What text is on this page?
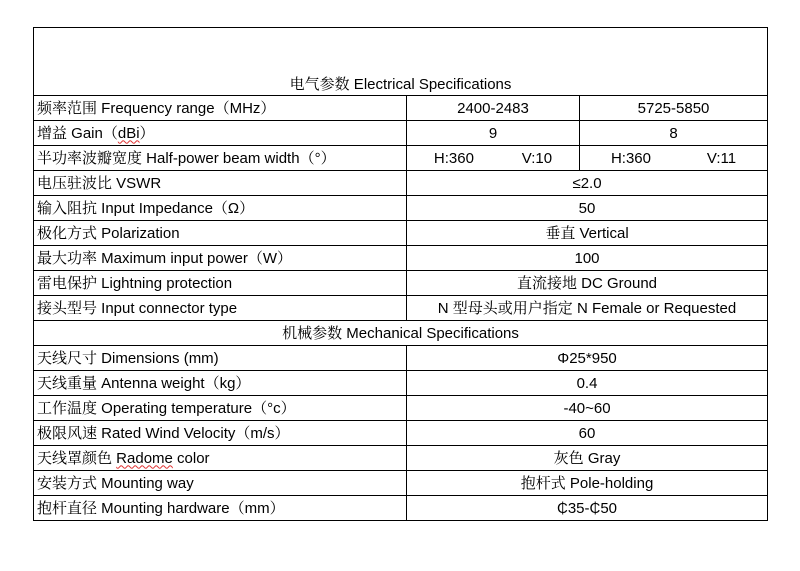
电气参数 Electrical Specifications		
频率范围 Frequency range（MHz）	2400-2483	5725-5850
增益 Gain（dBi）	9	8
半功率波瓣宽度 Half-power beam width（°）	H:360 V:10	H:360 V:11

电压驻波比 VSWR	≤2.0	
输入阻抗 Input Impedance（Ω）	50	
极化方式 Polarization	垂直 Vertical	
最大功率 Maximum input power（W）	100	
雷电保护 Lightning protection	直流接地 DC Ground	
接头型号 Input connector type	N 型母头或用户指定 N Female or Requested	
机械参数 Mechanical Specifications		
天线尺寸 Dimensions (mm)	Φ25*950	
天线重量 Antenna weight（kg）	0.4	
工作温度 Operating temperature（°c）	-40~60	
极限风速 Rated Wind Velocity（m/s）	60	
天线罩颜色 Radome color	灰色 Gray	
安装方式 Mounting way	抱杆式 Pole-holding	
抱杆直径 Mounting hardware（mm）	₵35-₵50	
